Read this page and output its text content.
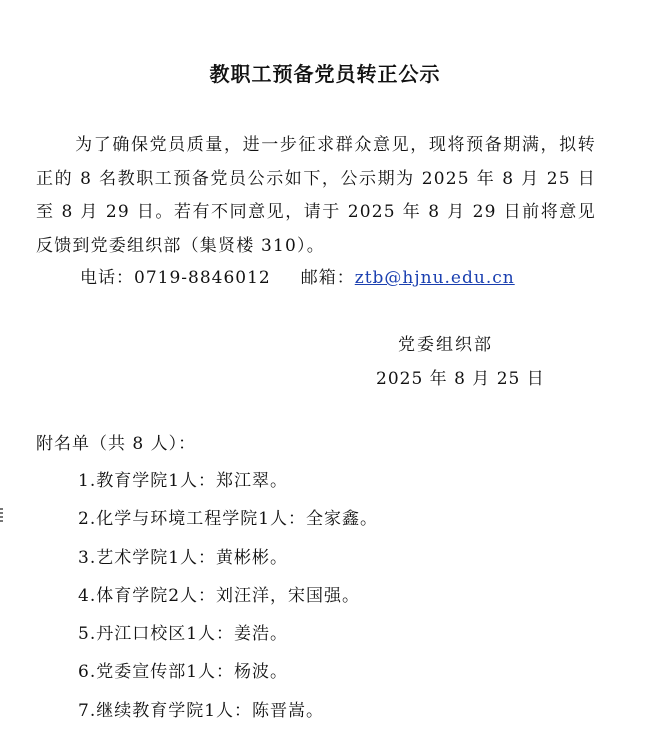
教职工预备党员转正公示
为了确保党员质量，进一步征求群众意见，现将预备期满，拟转正的 8 名教职工预备党员公示如下，公示期为 2025 年 8 月 25 日至 8 月 29 日。若有不同意见，请于 2025 年 8 月 29 日前将意见反馈到党委组织部（集贤楼 310）。
电话：0719-8846012 邮箱：ztb@hjnu.edu.cn
党委组织部
2025 年 8 月 25 日
附名单（共 8 人）：
1.教育学院1人：郑江翠。
2.化学与环境工程学院1人：全家鑫。
3.艺术学院1人：黄彬彬。
4.体育学院2人：刘汪洋，宋国强。
5.丹江口校区1人：姜浩。
6.党委宣传部1人：杨波。
7.继续教育学院1人：陈晋嵩。
